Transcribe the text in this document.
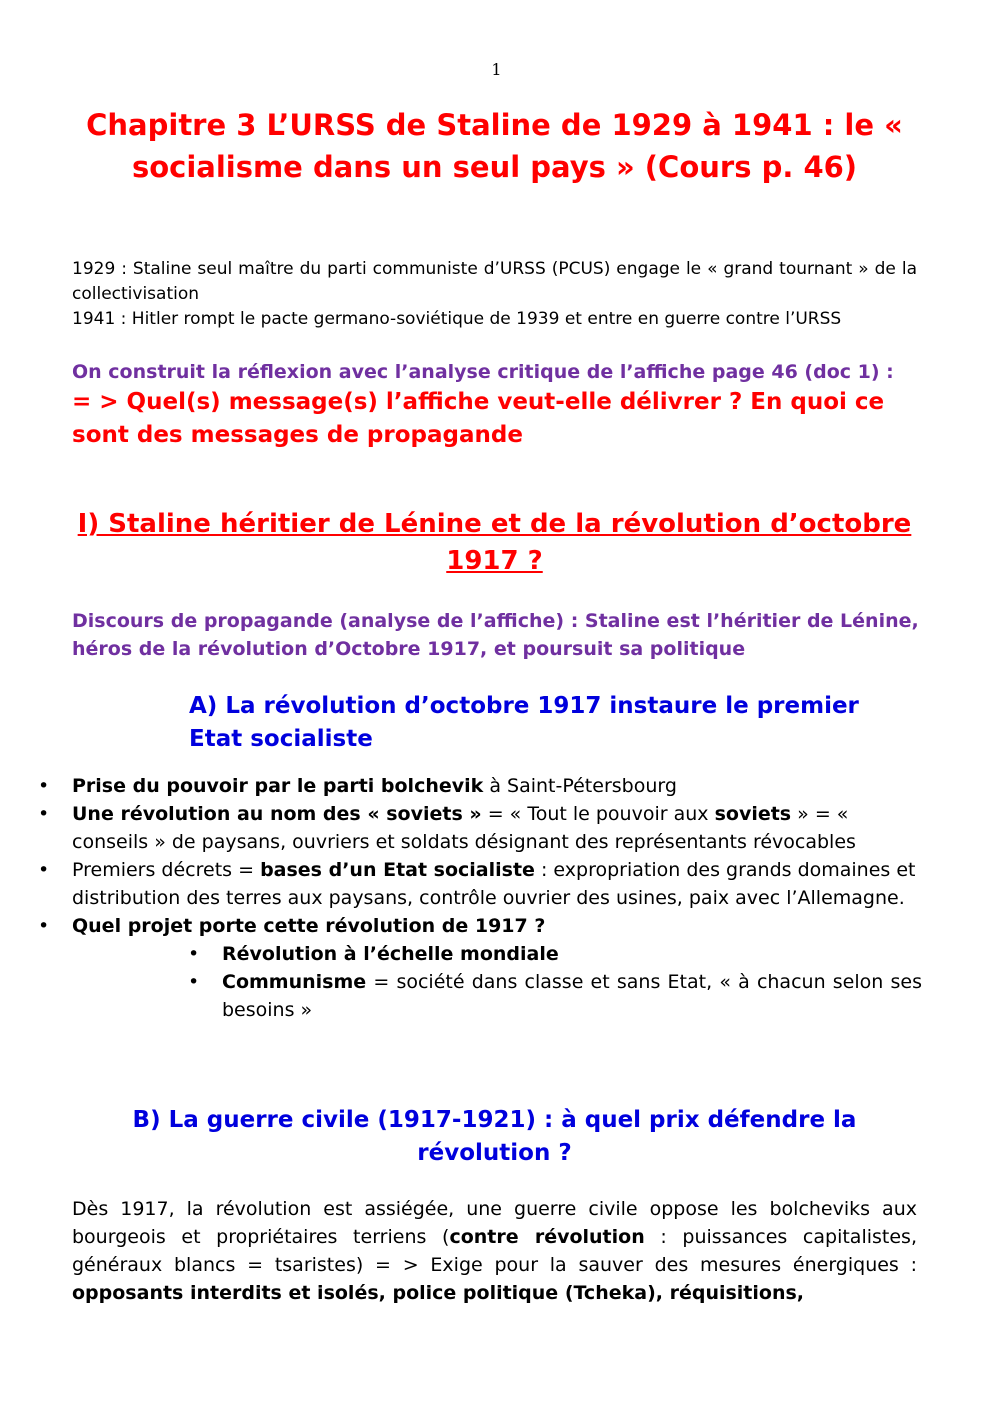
1
Chapitre 3 L’URSS de Staline de 1929 à 1941 : le « socialisme dans un seul pays » (Cours p. 46)

1929 : Staline seul maître du parti communiste d’URSS (PCUS) engage le « grand tournant » de la collectivisation

1941 : Hitler rompt le pacte germano-soviétique de 1939 et entre en guerre contre l’URSS

On construit la réflexion avec l’analyse critique de l’affiche page 46 (doc 1) :

= > Quel(s) message(s) l’affiche veut-elle délivrer ? En quoi ce sont des messages de propagande

I) Staline héritier de Lénine et de la révolution d’octobre 1917 ?

Discours de propagande (analyse de l’affiche) : Staline est l’héritier de Lénine, héros de la révolution d’Octobre 1917, et poursuit sa politique

A) La révolution d’octobre 1917 instaure le premier Etat socialiste
• Prise du pouvoir par le parti bolchevik à Saint-Pétersbourg
• Une révolution au nom des « soviets » = « Tout le pouvoir aux soviets » = « conseils » de paysans, ouvriers et soldats désignant des représentants révocables
• Premiers décrets = bases d’un Etat socialiste : expropriation des grands domaines et distribution des terres aux paysans, contrôle ouvrier des usines, paix avec l’Allemagne.
• Quel projet porte cette révolution de 1917 ?
• Révolution à l’échelle mondiale
• Communisme = société dans classe et sans Etat, « à chacun selon ses besoins »
B) La guerre civile (1917-1921) : à quel prix défendre la révolution ?

Dès 1917, la révolution est assiégée, une guerre civile oppose les bolcheviks aux bourgeois et propriétaires terriens (contre révolution : puissances capitalistes, généraux blancs = tsaristes) = > Exige pour la sauver des mesures énergiques : opposants interdits et isolés, police politique (Tcheka), réquisitions,
